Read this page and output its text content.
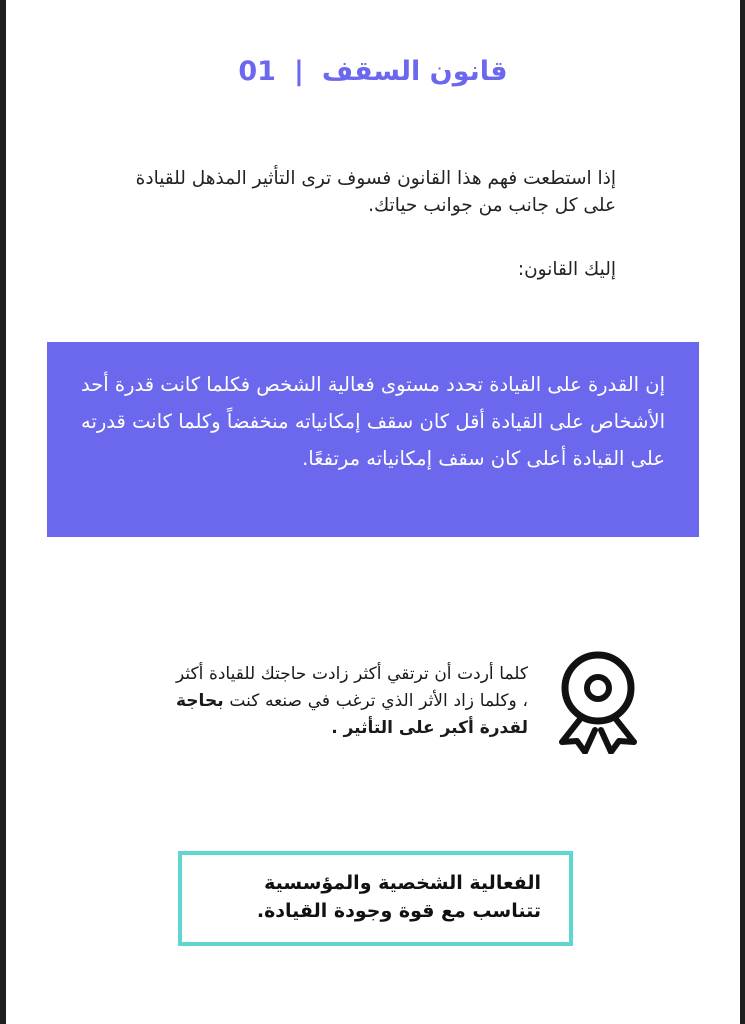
01 | قانون السقف
إذا استطعت فهم هذا القانون فسوف ترى التأثير المذهل للقيادة على كل جانب من جوانب حياتك.
إليك القانون:
إن القدرة على القيادة تحدد مستوى فعالية الشخص فكلما كانت قدرة أحد الأشخاص على القيادة أقل كان سقف إمكانياته منخفضاً وكلما كانت قدرته على القيادة أعلى كان سقف إمكانياته مرتفعًا.
كلما أردت أن ترتقي أكثر زادت حاجتك للقيادة أكثر ، وكلما زاد الأثر الذي ترغب في صنعه كنت بحاجة لقدرة أكبر على التأثير .
الفعالية الشخصية والمؤسسية تتناسب مع قوة وجودة القيادة.
